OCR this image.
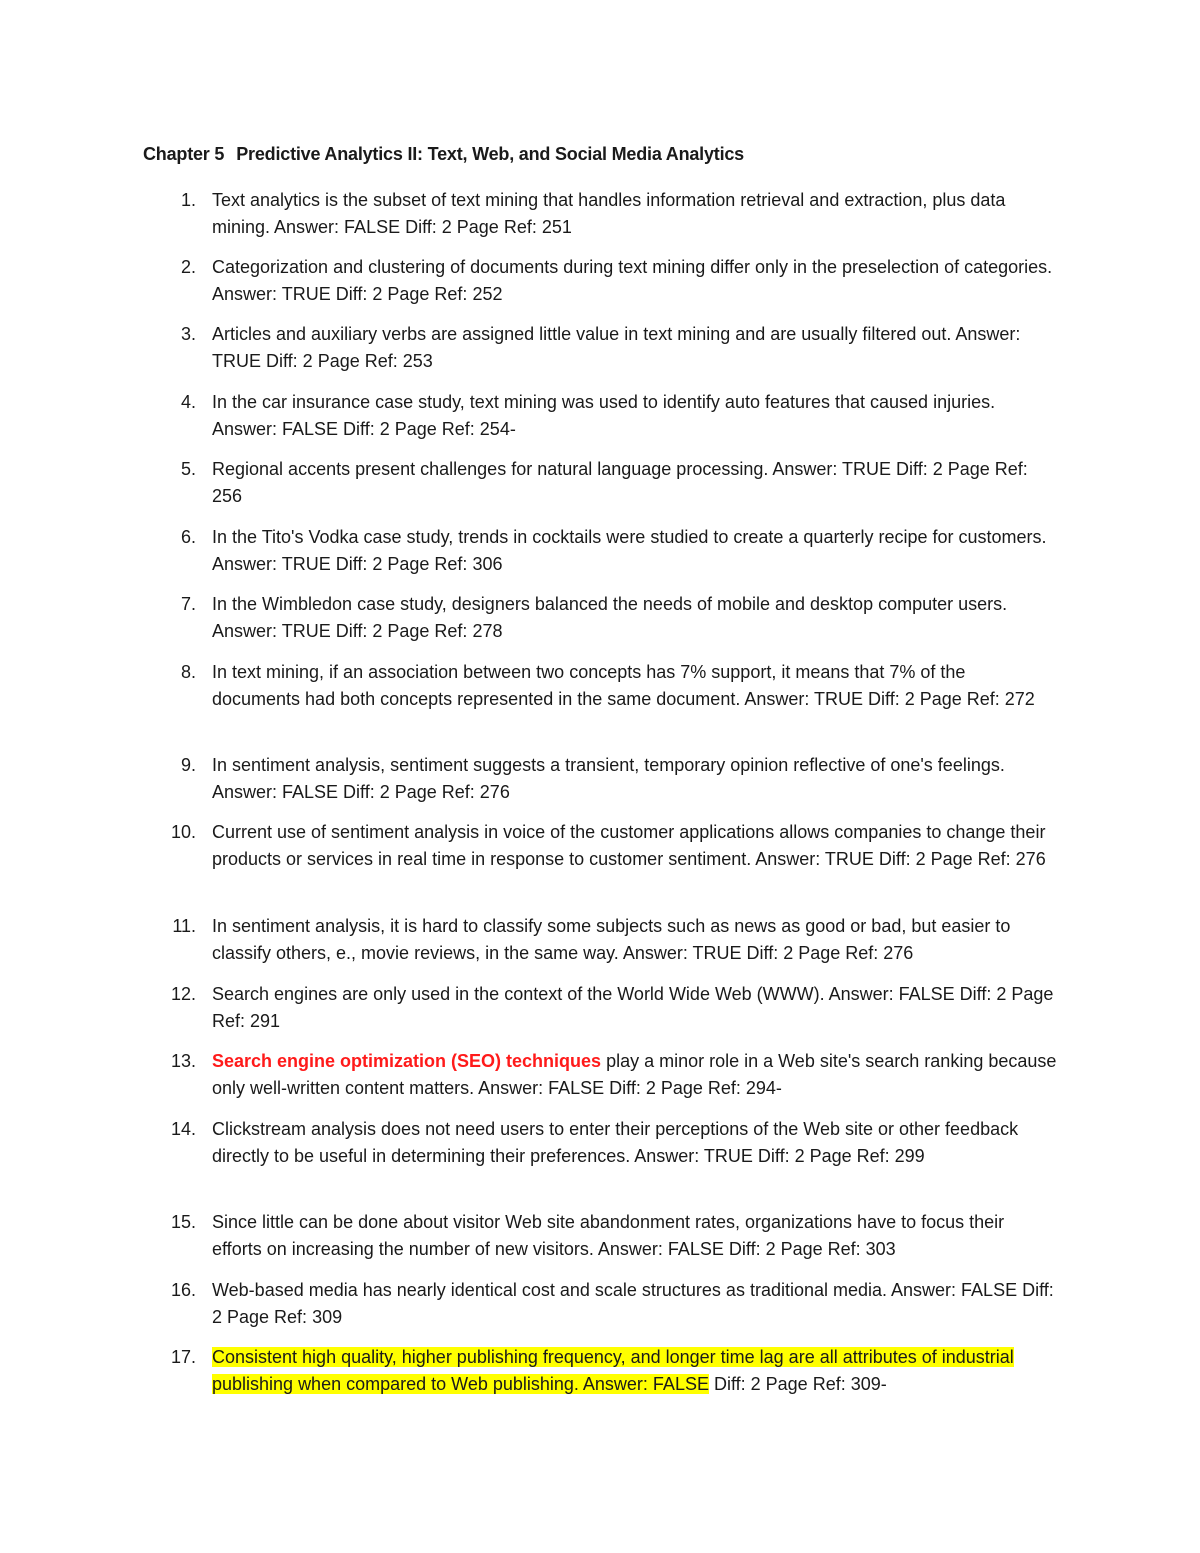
Chapter 5 Predictive Analytics II: Text, Web, and Social Media Analytics
1. Text analytics is the subset of text mining that handles information retrieval and extraction, plus data mining. Answer: FALSE Diff: 2 Page Ref: 251
2. Categorization and clustering of documents during text mining differ only in the preselection of categories. Answer: TRUE Diff: 2 Page Ref: 252
3. Articles and auxiliary verbs are assigned little value in text mining and are usually filtered out. Answer: TRUE Diff: 2 Page Ref: 253
4. In the car insurance case study, text mining was used to identify auto features that caused injuries. Answer: FALSE Diff: 2 Page Ref: 254-
5. Regional accents present challenges for natural language processing. Answer: TRUE Diff: 2 Page Ref: 256
6. In the Tito's Vodka case study, trends in cocktails were studied to create a quarterly recipe for customers. Answer: TRUE Diff: 2 Page Ref: 306
7. In the Wimbledon case study, designers balanced the needs of mobile and desktop computer users. Answer: TRUE Diff: 2 Page Ref: 278
8. In text mining, if an association between two concepts has 7% support, it means that 7% of the documents had both concepts represented in the same document. Answer: TRUE Diff: 2 Page Ref: 272
9. In sentiment analysis, sentiment suggests a transient, temporary opinion reflective of one's feelings. Answer: FALSE Diff: 2 Page Ref: 276
10. Current use of sentiment analysis in voice of the customer applications allows companies to change their products or services in real time in response to customer sentiment. Answer: TRUE Diff: 2 Page Ref: 276
11. In sentiment analysis, it is hard to classify some subjects such as news as good or bad, but easier to classify others, e., movie reviews, in the same way. Answer: TRUE Diff: 2 Page Ref: 276
12. Search engines are only used in the context of the World Wide Web (WWW). Answer: FALSE Diff: 2 Page Ref: 291
13. Search engine optimization (SEO) techniques play a minor role in a Web site's search ranking because only well-written content matters. Answer: FALSE Diff: 2 Page Ref: 294-
14. Clickstream analysis does not need users to enter their perceptions of the Web site or other feedback directly to be useful in determining their preferences. Answer: TRUE Diff: 2 Page Ref: 299
15. Since little can be done about visitor Web site abandonment rates, organizations have to focus their efforts on increasing the number of new visitors. Answer: FALSE Diff: 2 Page Ref: 303
16. Web-based media has nearly identical cost and scale structures as traditional media. Answer: FALSE Diff: 2 Page Ref: 309
17. Consistent high quality, higher publishing frequency, and longer time lag are all attributes of industrial publishing when compared to Web publishing. Answer: FALSE Diff: 2 Page Ref: 309-
